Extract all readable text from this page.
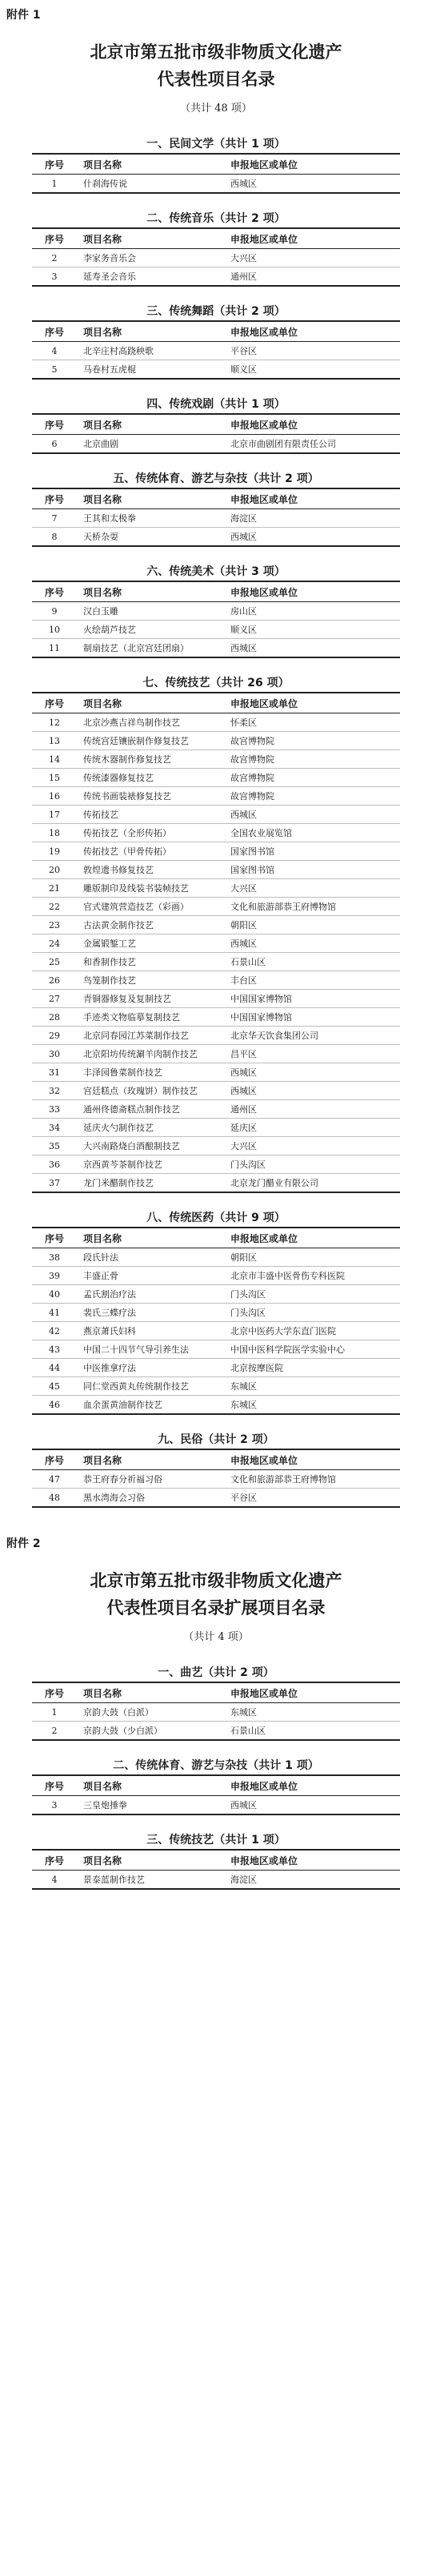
附件 1
北京市第五批市级非物质文化遗产
代表性项目名录
（共计 48 项）
一、民间文学（共计 1 项）
序号	项目名称	申报地区或单位
1	什刹海传说	西城区
二、传统音乐（共计 2 项）
序号	项目名称	申报地区或单位
2	李家务音乐会	大兴区
3	延寿圣会音乐	通州区
三、传统舞蹈（共计 2 项）
序号	项目名称	申报地区或单位
4	北辛庄村高跷秧歌	平谷区
5	马卷村五虎棍	顺义区
四、传统戏剧（共计 1 项）
序号	项目名称	申报地区或单位
6	北京曲剧	北京市曲剧团有限责任公司
五、传统体育、游艺与杂技（共计 2 项）
序号	项目名称	申报地区或单位
7	王其和太极拳	海淀区
8	天桥杂耍	西城区
六、传统美术（共计 3 项）
序号	项目名称	申报地区或单位
9	汉白玉雕	房山区
10	火绘葫芦技艺	顺义区
11	制扇技艺（北京宫廷团扇）	西城区
七、传统技艺（共计 26 项）
序号	项目名称	申报地区或单位
12	北京沙燕吉祥鸟制作技艺	怀柔区
13	传统宫廷镶嵌制作修复技艺	故宫博物院
14	传统木器制作修复技艺	故宫博物院
15	传统漆器修复技艺	故宫博物院
16	传统书画装裱修复技艺	故宫博物院
17	传拓技艺	西城区
18	传拓技艺（全形传拓）	全国农业展览馆
19	传拓技艺（甲骨传拓）	国家图书馆
20	敦煌遗书修复技艺	国家图书馆
21	雕版制印及线装书装帧技艺	大兴区
22	官式建筑营造技艺（彩画）	文化和旅游部恭王府博物馆
23	古法黄金制作技艺	朝阳区
24	金属锻錾工艺	西城区
25	和香制作技艺	石景山区
26	鸟笼制作技艺	丰台区
27	青铜器修复及复制技艺	中国国家博物馆
28	手迹类文物临摹复制技艺	中国国家博物馆
29	北京同春园江苏菜制作技艺	北京华天饮食集团公司
30	北京阳坊传统涮羊肉制作技艺	昌平区
31	丰泽园鲁菜制作技艺	西城区
32	宫廷糕点（玫瑰饼）制作技艺	西城区
33	通州佟德斋糕点制作技艺	通州区
34	延庆火勺制作技艺	延庆区
35	大兴南路烧白酒酿制技艺	大兴区
36	京西黄芩茶制作技艺	门头沟区
37	龙门米醋制作技艺	北京龙门醋业有限公司
八、传统医药（共计 9 项）
序号	项目名称	申报地区或单位
38	段氏针法	朝阳区
39	丰盛正骨	北京市丰盛中医骨伤专科医院
40	孟氏割治疗法	门头沟区
41	裴氏三蝶疗法	门头沟区
42	燕京萧氏妇科	北京中医药大学东直门医院
43	中国二十四节气导引养生法	中国中医科学院医学实验中心
44	中医推拿疗法	北京按摩医院
45	同仁堂西黄丸传统制作技艺	东城区
46	血余蛋黄油制作技艺	东城区
九、民俗（共计 2 项）
序号	项目名称	申报地区或单位
47	恭王府春分祈福习俗	文化和旅游部恭王府博物馆
48	黑水湾海会习俗	平谷区
附件 2
北京市第五批市级非物质文化遗产
代表性项目名录扩展项目名录
（共计 4 项）
一、曲艺（共计 2 项）
序号	项目名称	申报地区或单位
1	京韵大鼓（白派）	东城区
2	京韵大鼓（少白派）	石景山区
二、传统体育、游艺与杂技（共计 1 项）
序号	项目名称	申报地区或单位
3	三皇炮捶拳	西城区
三、传统技艺（共计 1 项）
序号	项目名称	申报地区或单位
4	景泰蓝制作技艺	海淀区
